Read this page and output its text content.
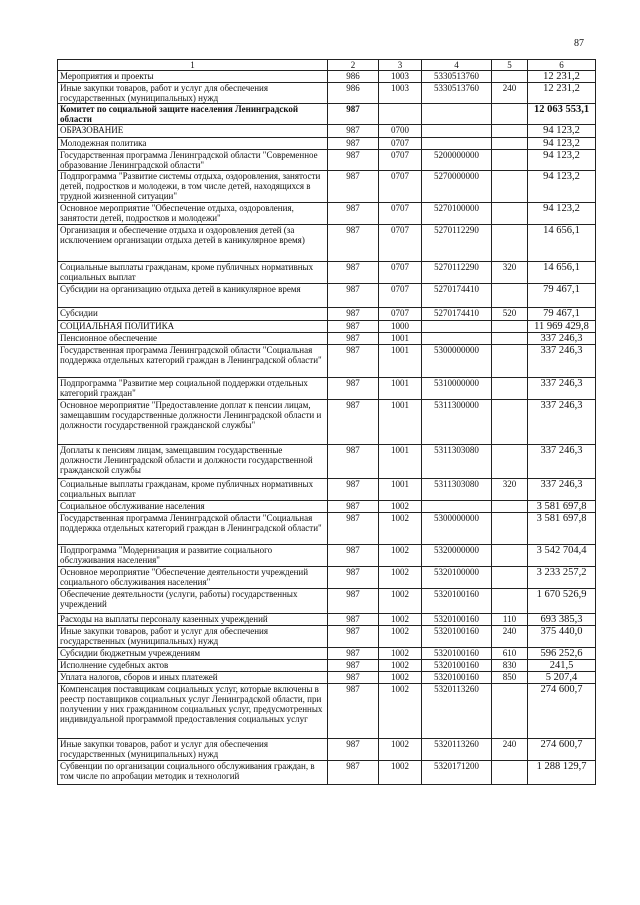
87
1	2	3	4	5	6
Мероприятия и проекты	986	1003	5330513760		12 231,2
Иные закупки товаров, работ и услуг для обеспечения государственных (муниципальных) нужд	986	1003	5330513760	240	12 231,2
Комитет по социальной защите населения Ленинградской области	987				12 063 553,1
ОБРАЗОВАНИЕ	987	0700			94 123,2
Молодежная политика	987	0707			94 123,2
Государственная программа Ленинградской области "Современное образование Ленинградской области"	987	0707	5200000000		94 123,2
Подпрограмма "Развитие системы отдыха, оздоровления, занятости детей, подростков и молодежи, в том числе детей, находящихся в трудной жизненной ситуации"	987	0707	5270000000		94 123,2
Основное мероприятие "Обеспечение отдыха, оздоровления, занятости детей, подростков и молодежи"	987	0707	5270100000		94 123,2
Организация и обеспечение отдыха и оздоровления детей (за исключением организации отдыха детей в каникулярное время)	987	0707	5270112290		14 656,1
Социальные выплаты гражданам, кроме публичных нормативных социальных выплат	987	0707	5270112290	320	14 656,1
Субсидии на организацию отдыха детей в каникулярное время	987	0707	5270174410		79 467,1
Субсидии	987	0707	5270174410	520	79 467,1
СОЦИАЛЬНАЯ ПОЛИТИКА	987	1000			11 969 429,8
Пенсионное обеспечение	987	1001			337 246,3
Государственная программа Ленинградской области "Социальная поддержка отдельных категорий граждан в Ленинградской области"	987	1001	5300000000		337 246,3
Подпрограмма "Развитие мер социальной поддержки отдельных категорий граждан"	987	1001	5310000000		337 246,3
Основное мероприятие "Предоставление доплат к пенсии лицам, замещавшим государственные должности Ленинградской области и должности государственной гражданской службы"	987	1001	5311300000		337 246,3
Доплаты к пенсиям лицам, замещавшим государственные должности Ленинградской области и должности государственной гражданской службы	987	1001	5311303080		337 246,3
Социальные выплаты гражданам, кроме публичных нормативных социальных выплат	987	1001	5311303080	320	337 246,3
Социальное обслуживание населения	987	1002			3 581 697,8
Государственная программа Ленинградской области "Социальная поддержка отдельных категорий граждан в Ленинградской области"	987	1002	5300000000		3 581 697,8
Подпрограмма "Модернизация и развитие социального обслуживания населения"	987	1002	5320000000		3 542 704,4
Основное мероприятие "Обеспечение деятельности учреждений социального обслуживания населения"	987	1002	5320100000		3 233 257,2
Обеспечение деятельности (услуги, работы) государственных учреждений	987	1002	5320100160		1 670 526,9
Расходы на выплаты персоналу казенных учреждений	987	1002	5320100160	110	693 385,3
Иные закупки товаров, работ и услуг для обеспечения государственных (муниципальных) нужд	987	1002	5320100160	240	375 440,0
Субсидии бюджетным учреждениям	987	1002	5320100160	610	596 252,6
Исполнение судебных актов	987	1002	5320100160	830	241,5
Уплата налогов, сборов и иных платежей	987	1002	5320100160	850	5 207,4
Компенсация поставщикам социальных услуг, которые включены в реестр поставщиков социальных услуг Ленинградской области, при получении у них гражданином социальных услуг, предусмотренных индивидуальной программой предоставления социальных услуг	987	1002	5320113260		274 600,7
Иные закупки товаров, работ и услуг для обеспечения государственных (муниципальных) нужд	987	1002	5320113260	240	274 600,7
Субвенции по организации социального обслуживания граждан, в том числе по апробации методик и технологий	987	1002	5320171200		1 288 129,7
